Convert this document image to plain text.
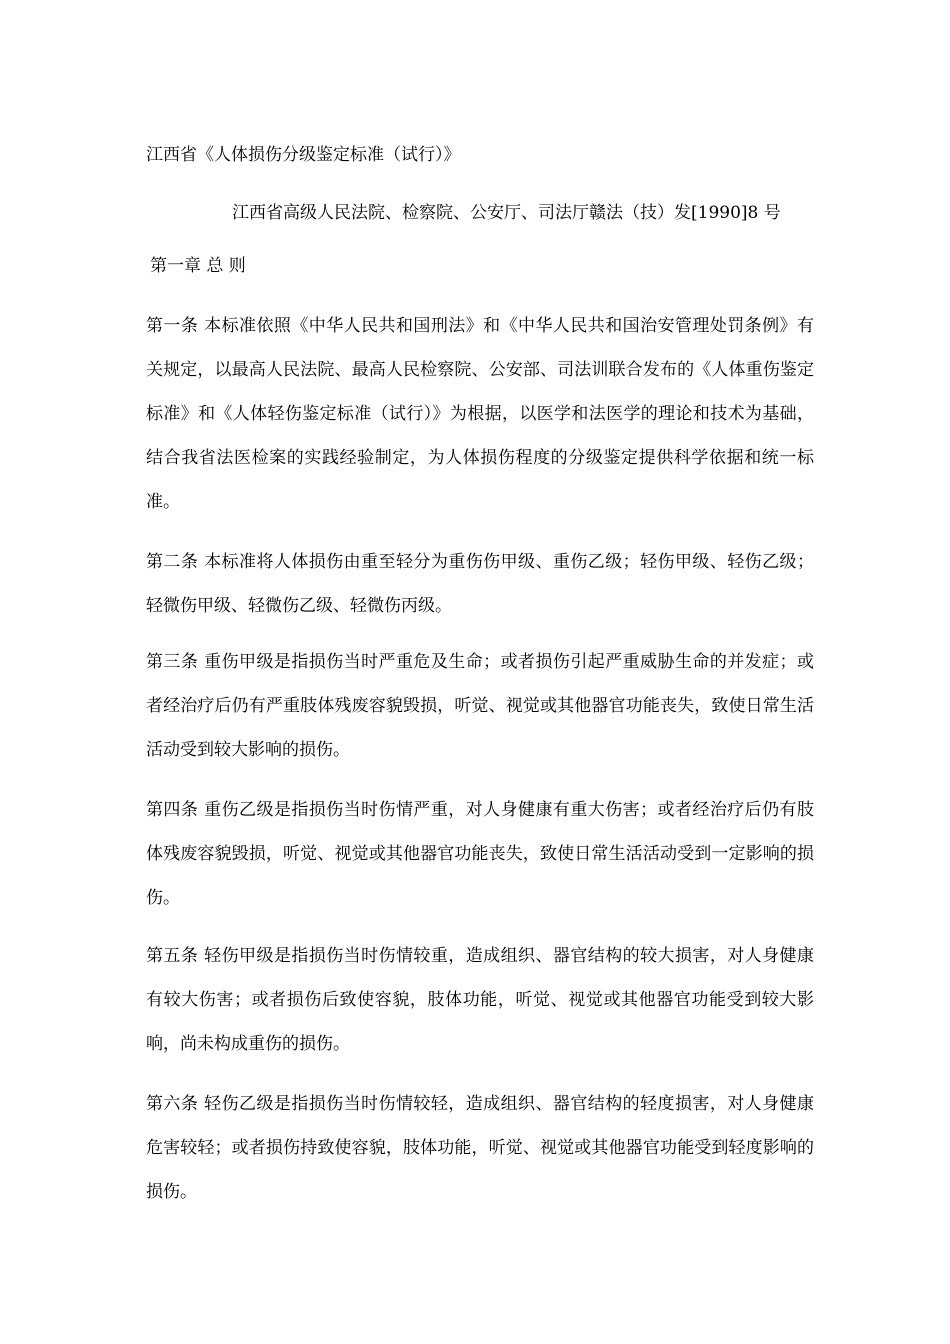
江西省《人体损伤分级鉴定标准（试行）》
江西省高级人民法院、检察院、公安厅、司法厅赣法（技）发[1990]8 号
第一章 总 则
第一条 本标准依照《中华人民共和国刑法》和《中华人民共和国治安管理处罚条例》有关规定，以最高人民法院、最高人民检察院、公安部、司法训联合发布的《人体重伤鉴定标准》和《人体轻伤鉴定标准（试行）》为根据，以医学和法医学的理论和技术为基础，结合我省法医检案的实践经验制定，为人体损伤程度的分级鉴定提供科学依据和统一标准。
第二条 本标准将人体损伤由重至轻分为重伤伤甲级、重伤乙级；轻伤甲级、轻伤乙级；轻微伤甲级、轻微伤乙级、轻微伤丙级。
第三条 重伤甲级是指损伤当时严重危及生命；或者损伤引起严重威胁生命的并发症；或者经治疗后仍有严重肢体残废容貌毁损，听觉、视觉或其他器官功能丧失，致使日常生活活动受到较大影响的损伤。
第四条 重伤乙级是指损伤当时伤情严重，对人身健康有重大伤害；或者经治疗后仍有肢体残废容貌毁损，听觉、视觉或其他器官功能丧失，致使日常生活活动受到一定影响的损伤。
第五条 轻伤甲级是指损伤当时伤情较重，造成组织、器官结构的较大损害，对人身健康有较大伤害；或者损伤后致使容貌，肢体功能，听觉、视觉或其他器官功能受到较大影响，尚未构成重伤的损伤。
第六条 轻伤乙级是指损伤当时伤情较轻，造成组织、器官结构的轻度损害，对人身健康危害较轻；或者损伤持致使容貌，肢体功能，听觉、视觉或其他器官功能受到轻度影响的损伤。
